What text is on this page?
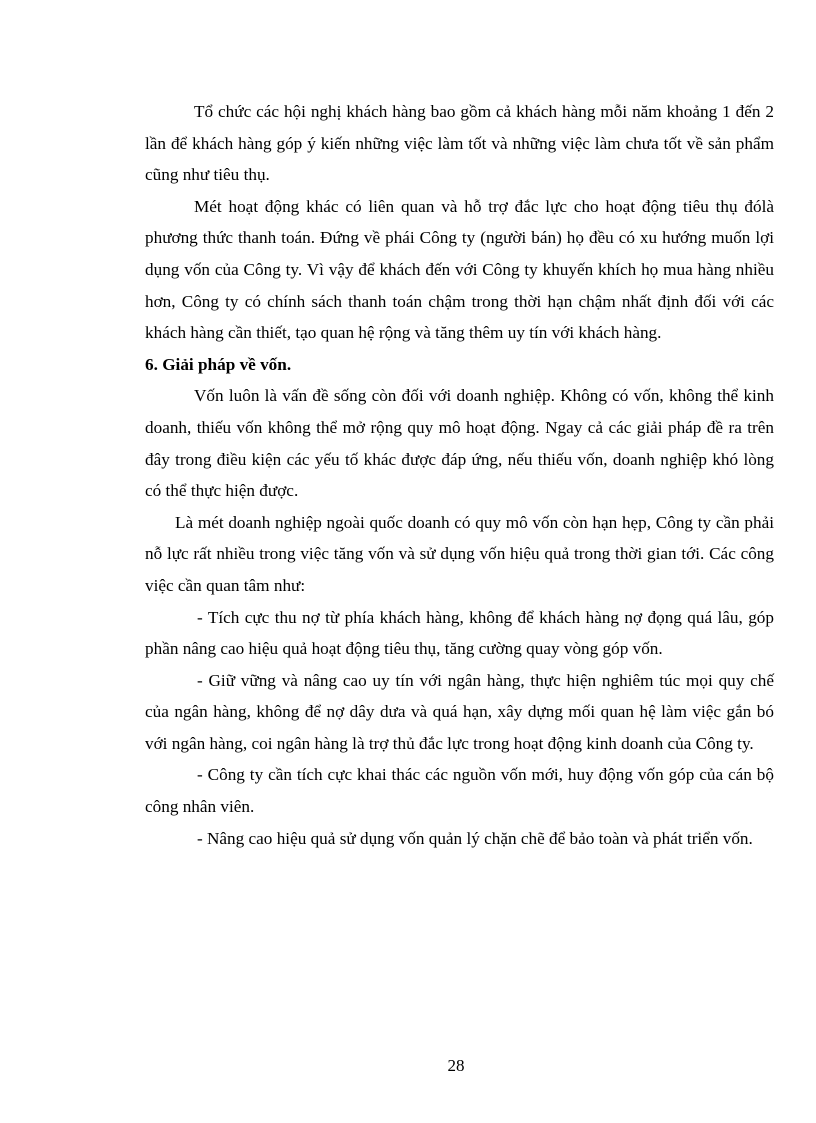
Tổ chức các hội nghị khách hàng bao gồm cả khách hàng mỗi năm khoảng 1 đến 2 lần để khách hàng góp ý kiến những việc làm tốt và những việc làm chưa tốt về sản phẩm cũng như tiêu thụ.

Mét hoạt động khác có liên quan và hỗ trợ đắc lực cho hoạt động tiêu thụ đólà phương thức thanh toán. Đứng về phái Công ty (người bán) họ đều có xu hướng muốn lợi dụng vốn của Công ty. Vì vậy để khách đến với Công ty khuyến khích họ mua hàng nhiều hơn, Công ty có chính sách thanh toán chậm trong thời hạn chậm nhất định đối với các khách hàng cần thiết, tạo quan hệ rộng và tăng thêm uy tín với khách hàng.

6. Giải pháp về vốn.

Vốn luôn là vấn đề sống còn đối với doanh nghiệp. Không có vốn, không thể kinh doanh, thiếu vốn không thể mở rộng quy mô hoạt động. Ngay cả các giải pháp đề ra trên đây trong điều kiện các yếu tố khác được đáp ứng, nếu thiếu vốn, doanh nghiệp khó lòng có thể thực hiện được.

Là mét doanh nghiệp ngoài quốc doanh có quy mô vốn còn hạn hẹp, Công ty cần phải nỗ lực rất nhiều trong việc tăng vốn và sử dụng vốn hiệu quả trong thời gian tới. Các công việc cần quan tâm như:

- Tích cực thu nợ từ phía khách hàng, không để khách hàng nợ đọng quá lâu, góp phần nâng cao hiệu quả hoạt động tiêu thụ, tăng cường quay vòng góp vốn.

- Giữ vững và nâng cao uy tín với ngân hàng, thực hiện nghiêm túc mọi quy chế của ngân hàng, không để nợ dây dưa và quá hạn, xây dựng mối quan hệ làm việc gắn bó với ngân hàng, coi ngân hàng là trợ thủ đắc lực trong hoạt động kinh doanh của Công ty.

- Công ty cần tích cực khai thác các nguồn vốn mới, huy động vốn góp của cán bộ công nhân viên.

- Nâng cao hiệu quả sử dụng vốn quản lý chặn chẽ để bảo toàn và phát triển vốn.

28
